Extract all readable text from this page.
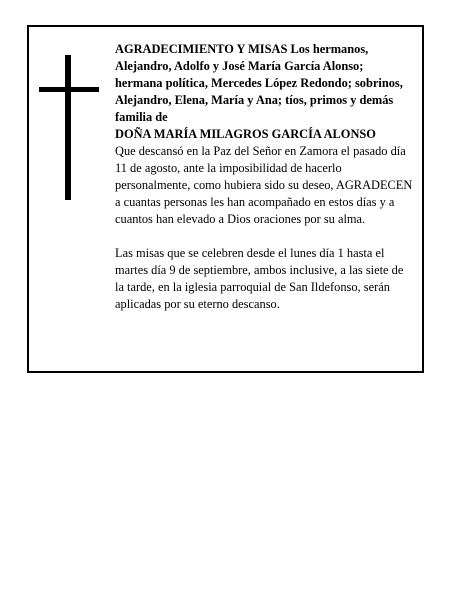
AGRADECIMIENTO Y MISAS Los hermanos, Alejandro, Adolfo y José María García Alonso; hermana política, Mercedes López Redondo; sobrinos, Alejandro, Elena, María y Ana; tíos, primos y demás familia de

DOÑA MARÍA MILAGROS GARCÍA ALONSO

Que descansó en la Paz del Señor en Zamora el pasado día 11 de agosto, ante la imposibilidad de hacerlo personalmente, como hubiera sido su deseo, AGRADECEN a cuantas personas les han acompañado en estos días y a cuantos han elevado a Dios oraciones por su alma.

Las misas que se celebren desde el lunes día 1 hasta el martes día 9 de septiembre, ambos inclusive, a las siete de la tarde, en la iglesia parroquial de San Ildefonso, serán aplicadas por su eterno descanso.
